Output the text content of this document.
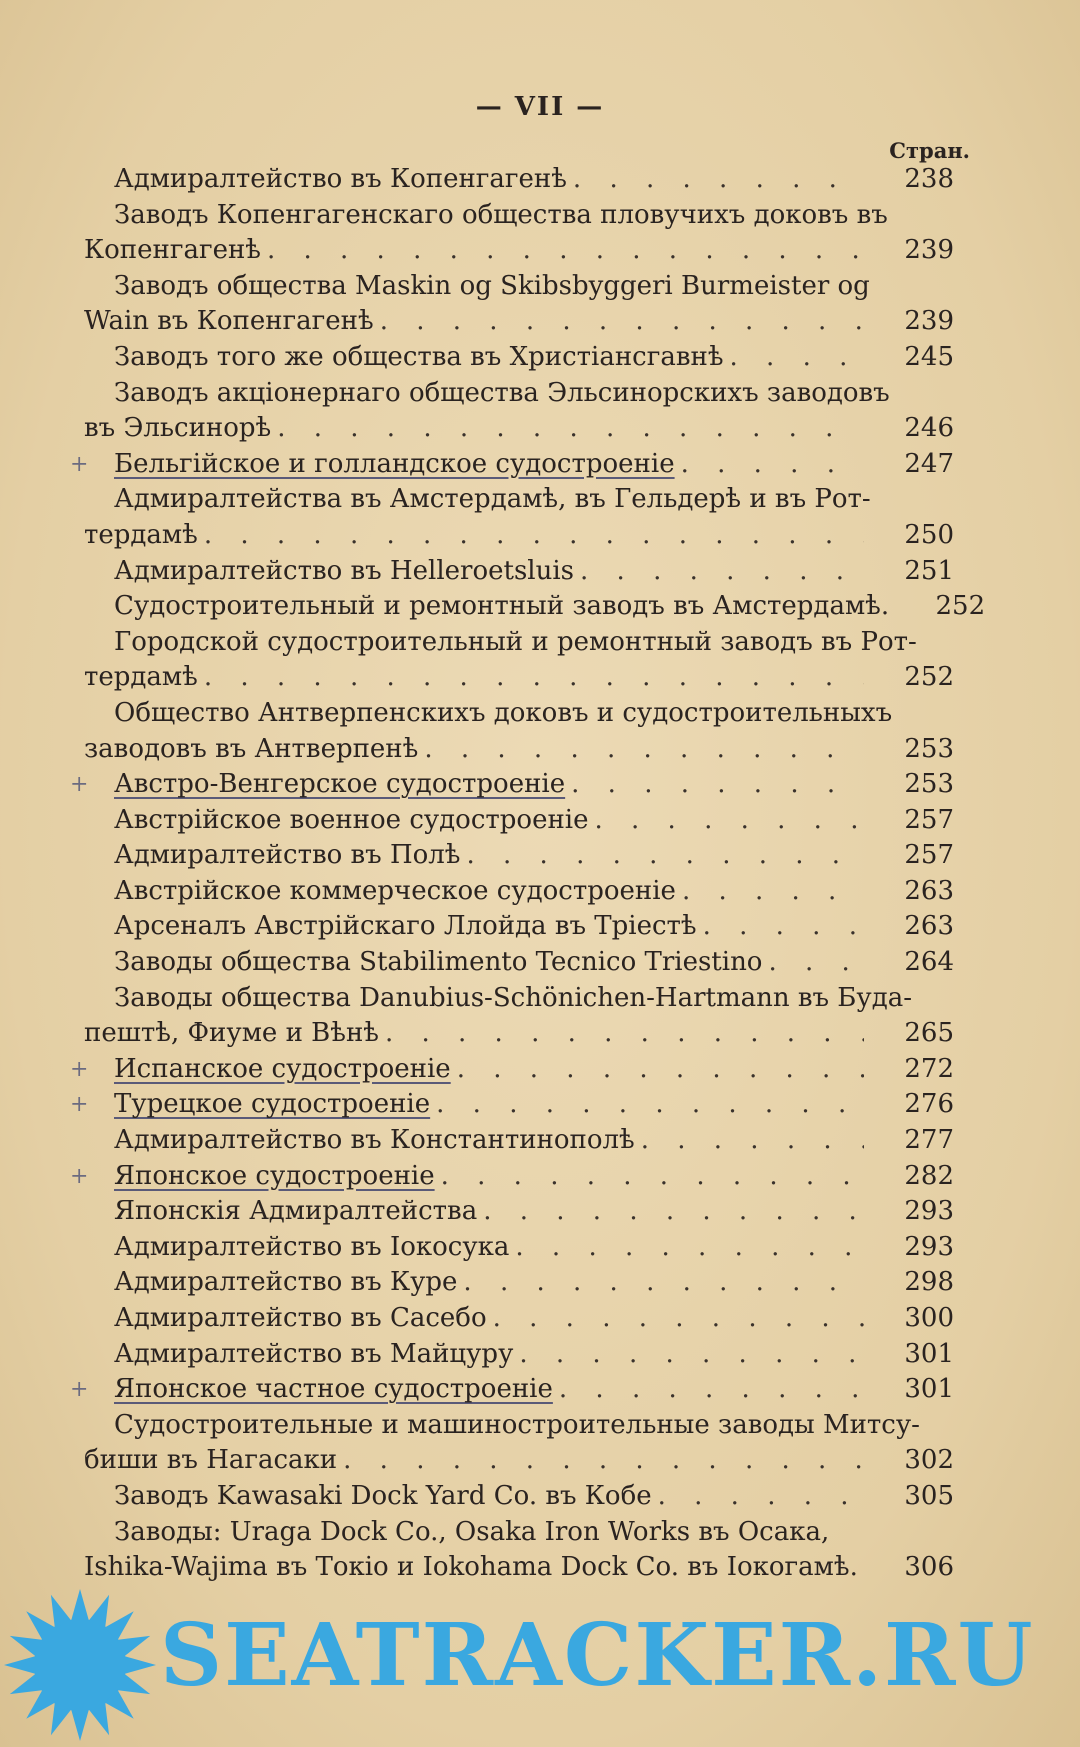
— VII —
Стран.
Адмиралтейство въ Копенгагенѣ . . .	238
Заводъ Копенгагенскаго общества пловучихъ доковъ въ
Копенгагенѣ . . .	239
Заводъ общества Maskin og Skibsbyggeri Burmeister og
Wain въ Копенгагенѣ . . .	239
Заводъ того же общества въ Христіансгавнѣ . . .	245
Заводъ акціонернаго общества Эльсинорскихъ заводовъ
въ Эльсинорѣ . . .	246
+ Бельгійское и голландское судостроеніе . . .	247
Адмиралтейства въ Амстердамѣ, въ Гельдерѣ и въ Рот-
тердамѣ . . .	250
Адмиралтейство въ Helleroetsluis . . .	251
Судостроительный и ремонтный заводъ въ Амстердамѣ.	252
Городской судостроительный и ремонтный заводъ въ Рот-
тердамѣ . . .	252
Общество Антверпенскихъ доковъ и судостроительныхъ
заводовъ въ Антверпенѣ . . .	253
+ Австро-Венгерское судостроеніе . . .	253
Австрійское военное судостроеніе . . .	257
Адмиралтейство въ Полѣ . . .	257
Австрійское коммерческое судостроеніе . . .	263
Арсеналъ Австрійскаго Ллойда въ Тріестѣ . . .	263
Заводы общества Stabilimento Tecnico Triestino . . .	264
Заводы общества Danubius-Schönichen-Hartmann въ Буда-
пештѣ, Фиуме и Вѣнѣ . . .	265
+ Испанское судостроеніе . . .	272
+ Турецкое судостроеніе . . .	276
Адмиралтейство въ Константинополѣ . . .	277
+ Японское судостроеніе . . .	282
Японскія Адмиралтейства . . .	293
Адмиралтейство въ Іокосука . . .	293
Адмиралтейство въ Куре . . .	298
Адмиралтейство въ Сасебо . . .	300
Адмиралтейство въ Майцуру . . .	301
+ Японское частное судостроеніе . . .	301
Судостроительные и машиностроительные заводы Митсу-
биши въ Нагасаки . . .	302
Заводъ Kawasaki Dock Yard Co. въ Кобе . . .	305
Заводы: Uraga Dock Co., Osaka Iron Works въ Осака,
Ishika-Wajima въ Токіо и Iokohama Dock Co. въ Іокогамѣ.	306
SEATRACKER.RU
